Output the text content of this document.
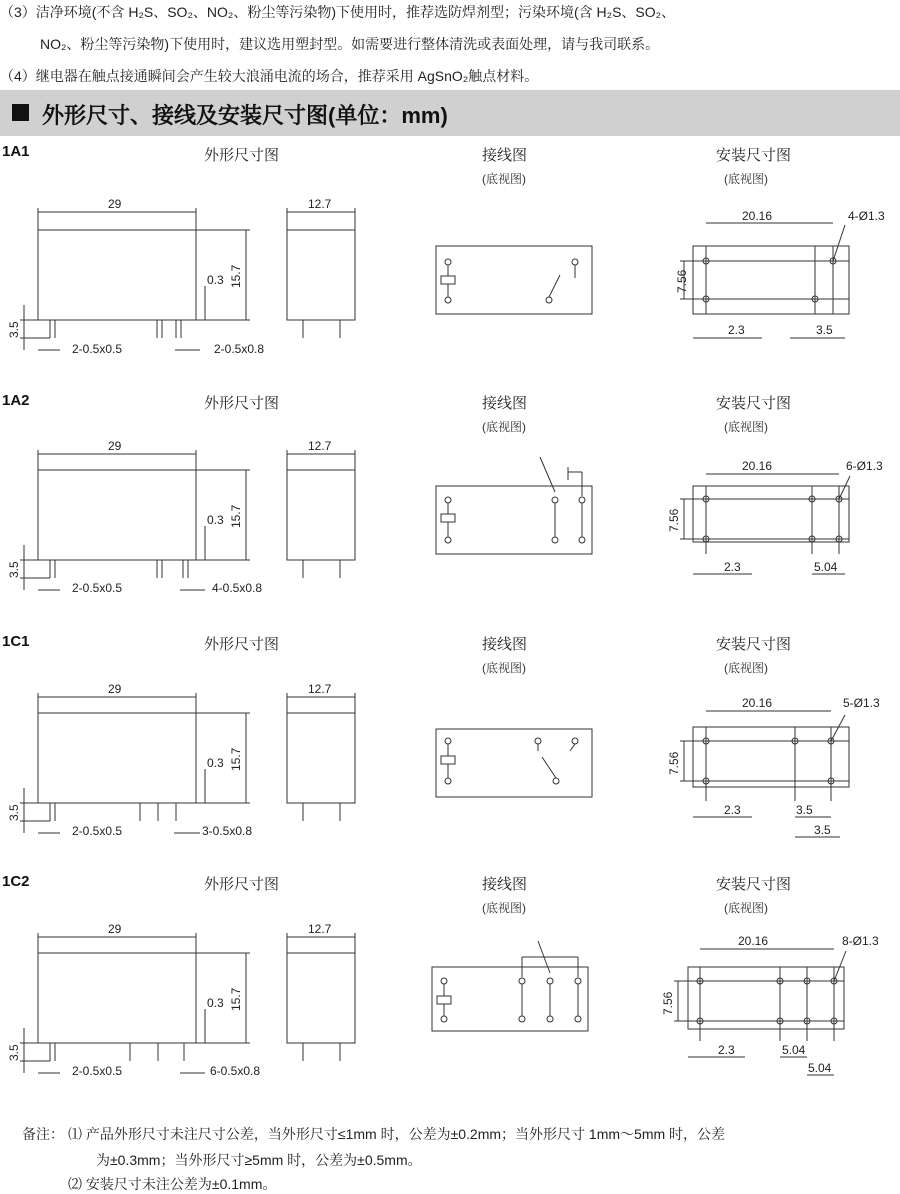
（3）洁净环境(不含 H₂S、SO₂、NO₂、粉尘等污染物)下使用时，推荐选防焊剂型；污染环境(含 H₂S、SO₂、
NO₂、粉尘等污染物)下使用时，建议选用塑封型。如需要进行整体清洗或表面处理，请与我司联系。
（4）继电器在触点接通瞬间会产生较大浪涌电流的场合，推荐采用 AgSnO₂触点材料。
外形尺寸、接线及安装尺寸图(单位：mm)
1A1	外形尺寸图	接线图
(底视图)
安装尺寸图
(底视图)
29	12.7
15.7
0.3
3.5
2-0.5x0.5	2-0.5x0.8
20.16	4-Ø1.3
7.56
2.3	3.5
1A2	外形尺寸图	接线图
(底视图)
安装尺寸图
(底视图)
29	12.7
15.7
0.3
3.5
2-0.5x0.5	4-0.5x0.8
20.16	6-Ø1.3
7.56
2.3	5.04
1C1	外形尺寸图	接线图
(底视图)
安装尺寸图
(底视图)
29	12.7
15.7
0.3
3.5
2-0.5x0.5	3-0.5x0.8
20.16	5-Ø1.3
7.56
2.3	3.5
3.5
1C2	外形尺寸图	接线图
(底视图)
安装尺寸图
(底视图)
29	12.7
15.7
0.3
3.5
2-0.5x0.5	6-0.5x0.8
20.16	8-Ø1.3
7.56
2.3	5.04
5.04
备注： ⑴ 产品外形尺寸未注尺寸公差，当外形尺寸≤1mm 时，公差为±0.2mm；当外形尺寸 1mm～5mm 时，公差
为±0.3mm；当外形尺寸≥5mm 时，公差为±0.5mm。
⑵ 安装尺寸未注公差为±0.1mm。
